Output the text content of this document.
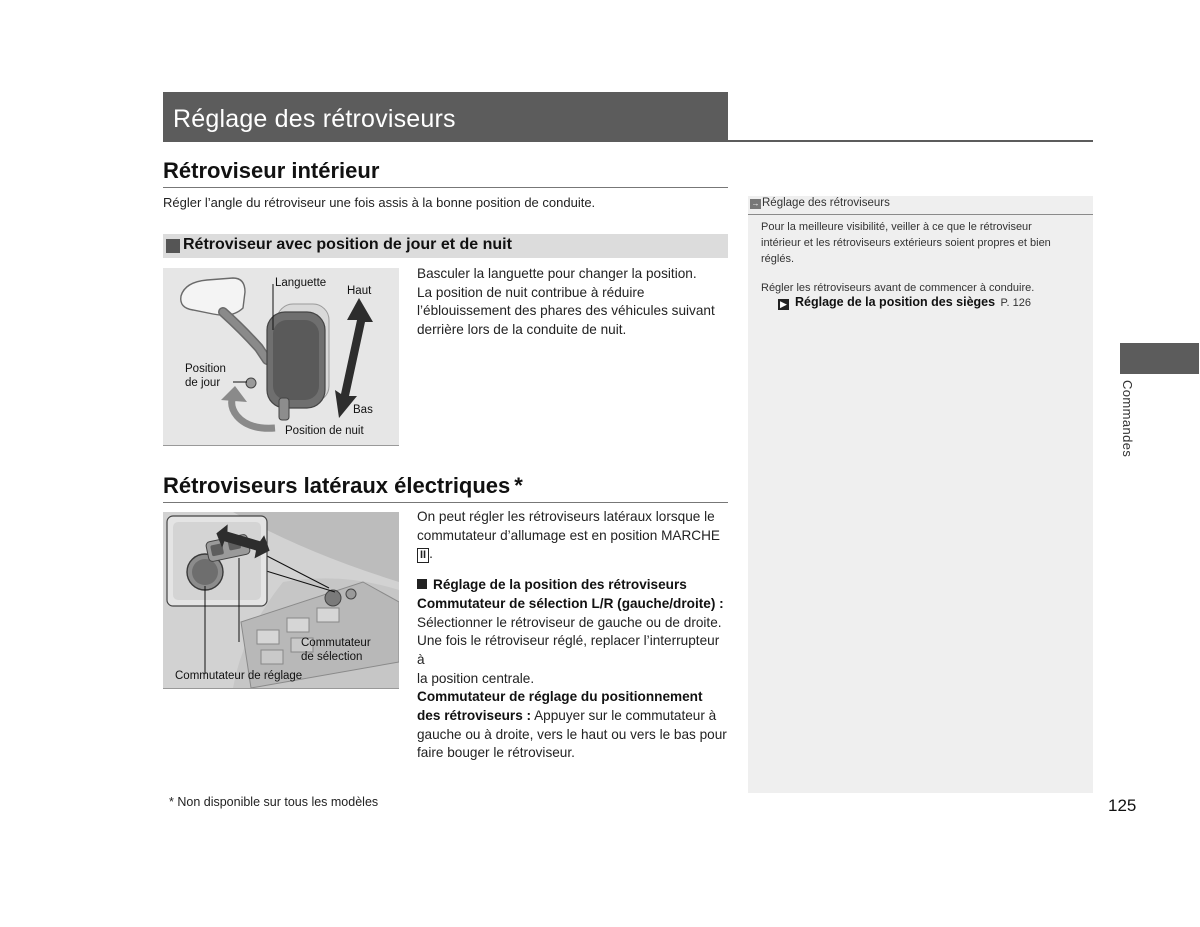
Réglage des rétroviseurs
Rétroviseur intérieur
Régler l’angle du rétroviseur une fois assis à la bonne position de conduite.
Rétroviseur avec position de jour et de nuit
Languette
Haut
Position
de jour
Bas
Position de nuit
Basculer la languette pour changer la position.
La position de nuit contribue à réduire
l’éblouissement des phares des véhicules suivant
derrière lors de la conduite de nuit.
Rétroviseurs latéraux électriques *
Commutateur
de sélection
Commutateur de réglage
On peut régler les rétroviseurs latéraux lorsque le
commutateur d’allumage est en position MARCHE
II .
Réglage de la position des rétroviseurs
Commutateur de sélection L/R (gauche/droite) :
Sélectionner le rétroviseur de gauche ou de droite.
Une fois le rétroviseur réglé, replacer l’interrupteur à
la position centrale.
Commutateur de réglage du positionnement
des rétroviseurs : Appuyer sur le commutateur à
gauche ou à droite, vers le haut ou vers le bas pour
faire bouger le rétroviseur.
→ Réglage des rétroviseurs
Pour la meilleure visibilité, veiller à ce que le rétroviseur
intérieur et les rétroviseurs extérieurs soient propres et bien
réglés.
Régler les rétroviseurs avant de commencer à conduire.
▶ Réglage de la position des sièges P. 126
Commandes
* Non disponible sur tous les modèles	125
